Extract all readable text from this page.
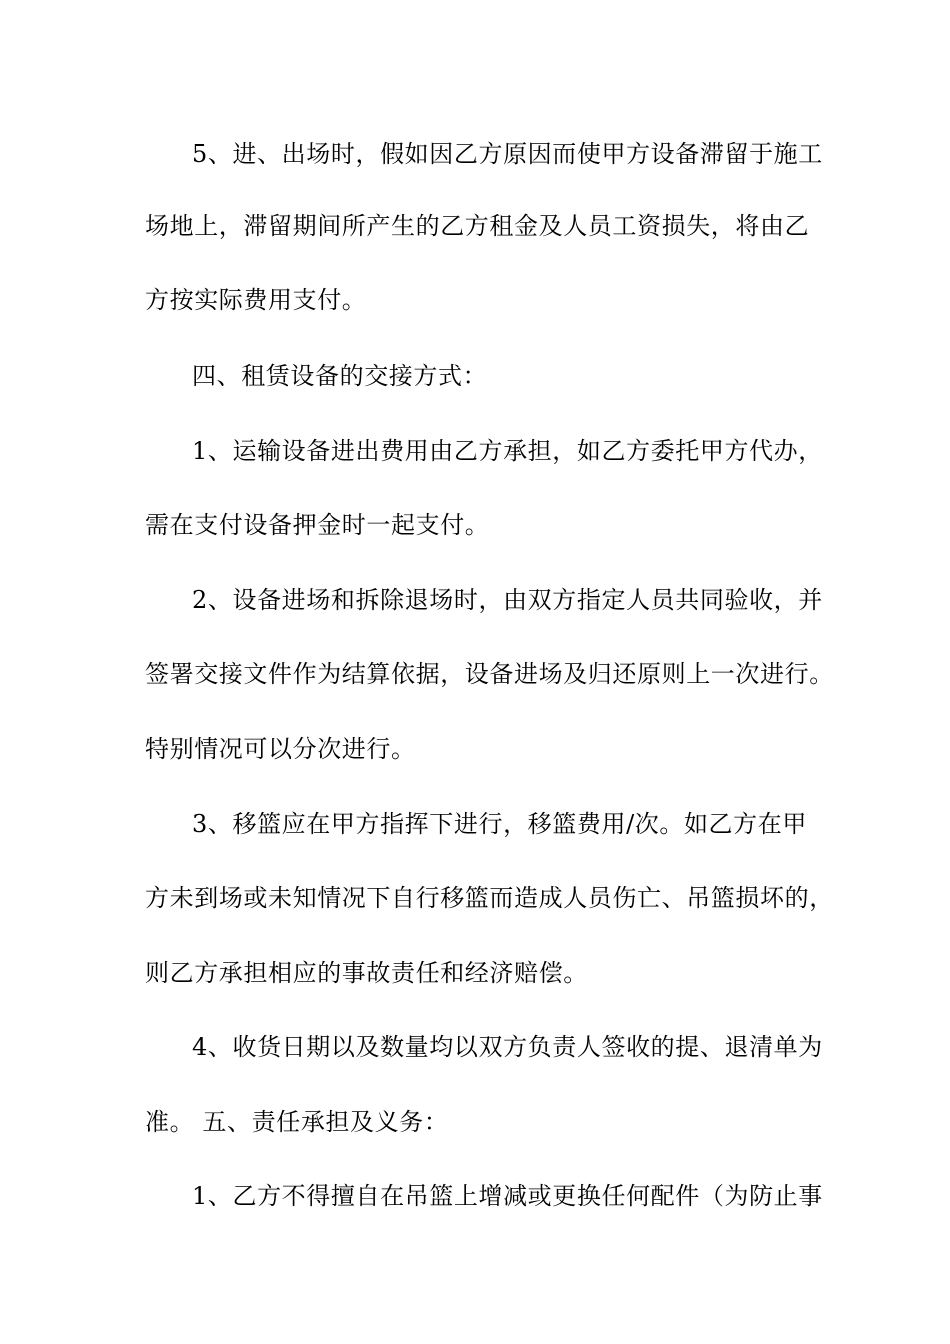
5、进、出场时，假如因乙方原因而使甲方设备滞留于施工
场地上，滞留期间所产生的乙方租金及人员工资损失，将由乙
方按实际费用支付。
四、租赁设备的交接方式：
1、运输设备进出费用由乙方承担，如乙方委托甲方代办，
需在支付设备押金时一起支付。
2、设备进场和拆除退场时，由双方指定人员共同验收，并
签署交接文件作为结算依据，设备进场及归还原则上一次进行。
特别情况可以分次进行。
3、移篮应在甲方指挥下进行，移篮费用/次。如乙方在甲
方未到场或未知情况下自行移篮而造成人员伤亡、吊篮损坏的，
则乙方承担相应的事故责任和经济赔偿。
4、收货日期以及数量均以双方负责人签收的提、退清单为
准。 五、责任承担及义务：
1、乙方不得擅自在吊篮上增减或更换任何配件（为防止事
